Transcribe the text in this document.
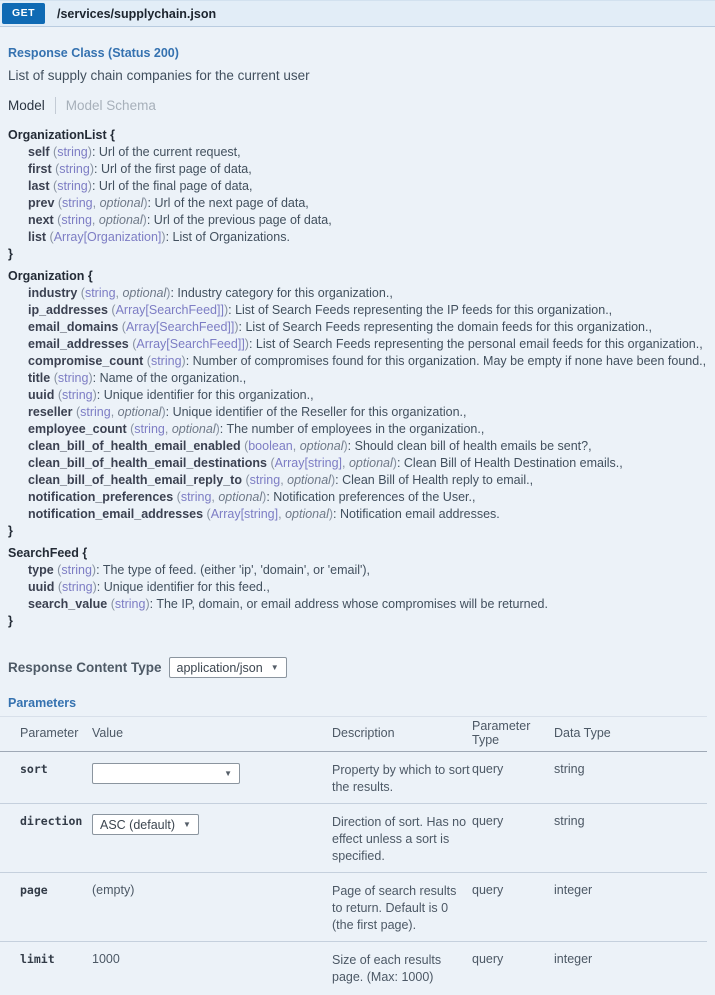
GET	/services/supplychain.json
Response Class (Status 200)

List of supply chain companies for the current user

Model Model Schema
OrganizationList {
self (string): Url of the current request,
first (string): Url of the first page of data,
last (string): Url of the final page of data,
prev (string, optional): Url of the next page of data,
next (string, optional): Url of the previous page of data,
list (Array[Organization]): List of Organizations.
}
Organization {
industry (string, optional): Industry category for this organization.,
ip_addresses (Array[SearchFeed]]): List of Search Feeds representing the IP feeds for this organization.,
email_domains (Array[SearchFeed]]): List of Search Feeds representing the domain feeds for this organization.,
email_addresses (Array[SearchFeed]]): List of Search Feeds representing the personal email feeds for this organization.,
compromise_count (string): Number of compromises found for this organization. May be empty if none have been found.,
title (string): Name of the organization.,
uuid (string): Unique identifier for this organization.,
reseller (string, optional): Unique identifier of the Reseller for this organization.,
employee_count (string, optional): The number of employees in the organization.,
clean_bill_of_health_email_enabled (boolean, optional): Should clean bill of health emails be sent?,
clean_bill_of_health_email_destinations (Array[string], optional): Clean Bill of Health Destination emails.,
clean_bill_of_health_email_reply_to (string, optional): Clean Bill of Health reply to email.,
notification_preferences (string, optional): Notification preferences of the User.,
notification_email_addresses (Array[string], optional): Notification email addresses.
}
SearchFeed {
type (string): The type of feed. (either 'ip', 'domain', or 'email'),
uuid (string): Unique identifier for this feed.,
search_value (string): The IP, domain, or email address whose compromises will be returned.
}
Response Content Type application/json ▼
Parameters
Parameter	Value	Description	Parameter Type	Data Type
sort	▼	Property by which to sort the results.	query	string
direction	ASC (default) ▼	Direction of sort. Has no effect unless a sort is specified.	query	string
page	(empty)	Page of search results to return. Default is 0 (the first page).	query	integer
limit	1000	Size of each results page. (Max: 1000)	query	integer
